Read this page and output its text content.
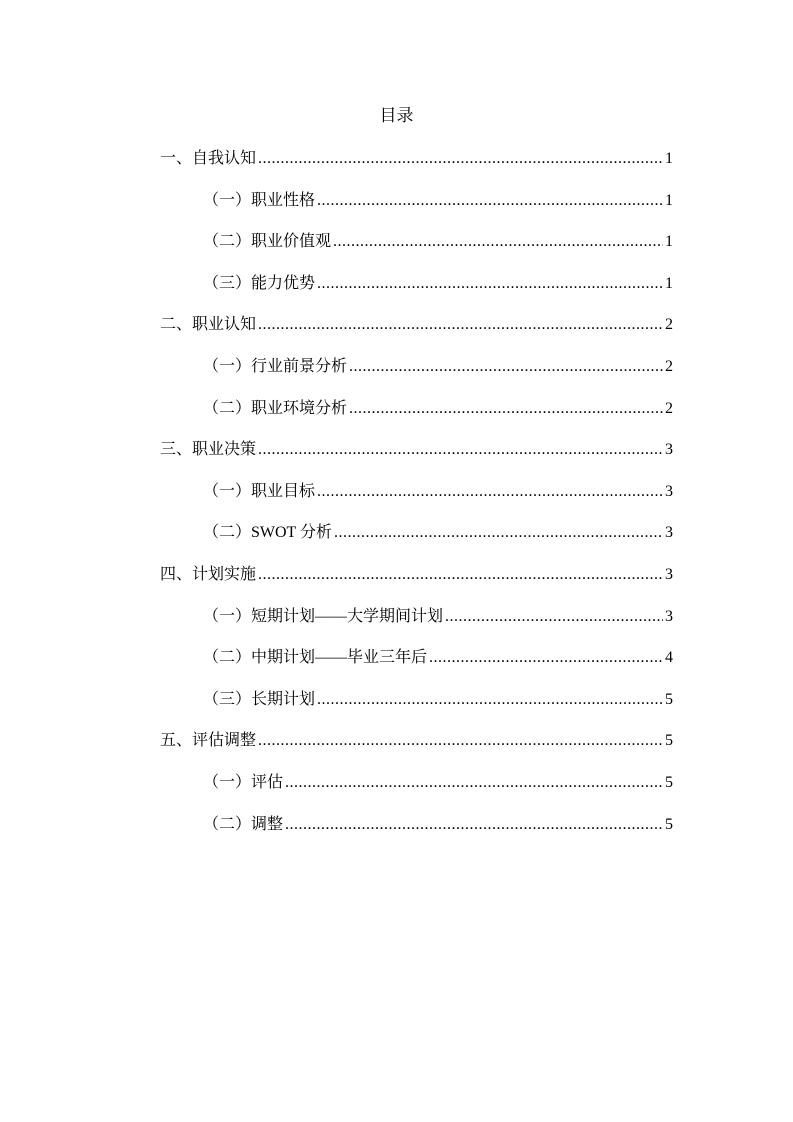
目录
一、自我认知 .....	1
（一）职业性格 .....	1
（二）职业价值观 .....	1
（三）能力优势 .....	1
二、职业认知 .....	2
（一）行业前景分析 .....	2
（二）职业环境分析 .....	2
三、职业决策 .....	3
（一）职业目标 .....	3
（二）SWOT 分析 .....	3
四、计划实施 .....	3
（一）短期计划——大学期间计划 .....	3
（二）中期计划——毕业三年后 .....	4
（三）长期计划 .....	5
五、评估调整 .....	5
（一）评估 .....	5
（二）调整 .....	5
